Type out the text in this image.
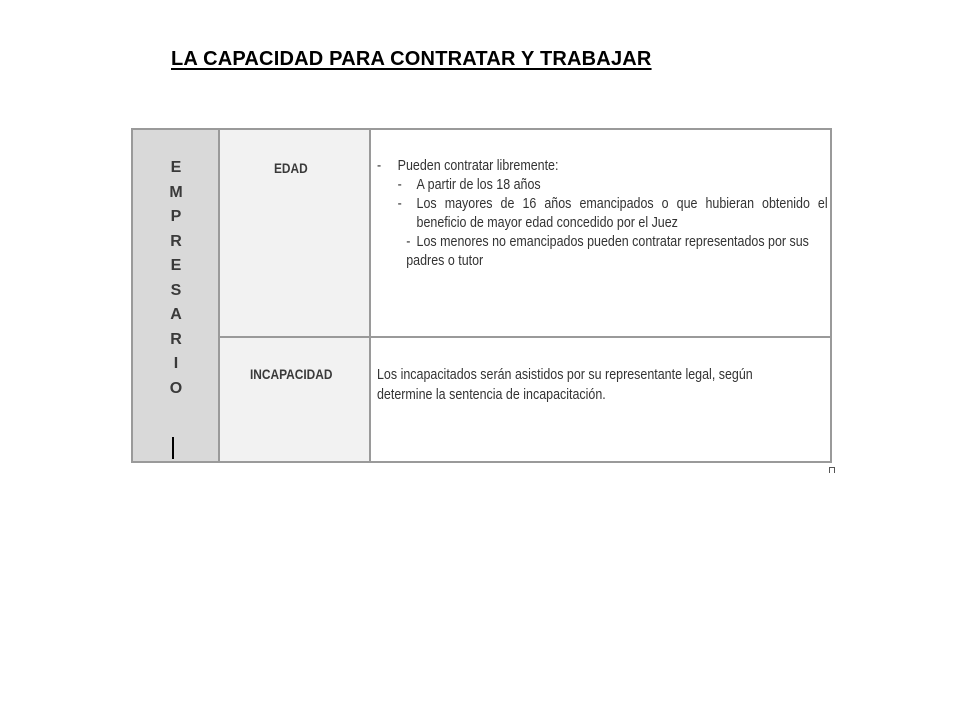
LA CAPACIDAD PARA CONTRATAR Y TRABAJAR
E
M
P
R
E
S
A
R
I
O
EDAD
INCAPACIDAD
- Pueden contratar libremente:
- A partir de los 18 años
- Los mayores de 16 años emancipados o que hubieran obtenido el beneficio de mayor edad concedido por el Juez
- Los menores no emancipados pueden contratar representados por sus
padres o tutor
Los incapacitados serán asistidos por su representante legal, según determine la sentencia de incapacitación.
